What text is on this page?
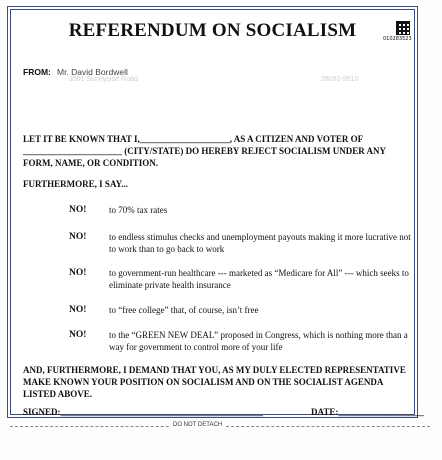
REFERENDUM ON SOCIALISM	010283523
FROM: Mr. David Bordwell
3501 Sunnyside Road	28092-9510
LET IT BE KNOWN THAT I,____________________, AS A CITIZEN AND VOTER OF ______________________ (CITY/STATE) DO HEREBY REJECT SOCIALISM UNDER ANY FORM, NAME, OR CONDITION.
FURTHERMORE, I SAY...
NO!	to 70% tax rates
NO!	to endless stimulus checks and unemployment payouts making it more lucrative not to work than to go back to work
NO!	to government-run healthcare --- marketed as “Medicare for All” --- which seeks to eliminate private health insurance
NO!	to “free college” that, of course, isn’t free
NO!	to the “GREEN NEW DEAL” proposed in Congress, which is nothing more than a way for government to control more of your life
AND, FURTHERMORE, I DEMAND THAT YOU, AS MY DULY ELECTED REPRESENTATIVE MAKE KNOWN YOUR POSITION ON SOCIALISM AND ON THE SOCIALIST AGENDA LISTED ABOVE.
SIGNED:_____________________________________________	DATE:___________________
DO NOT DETACH
